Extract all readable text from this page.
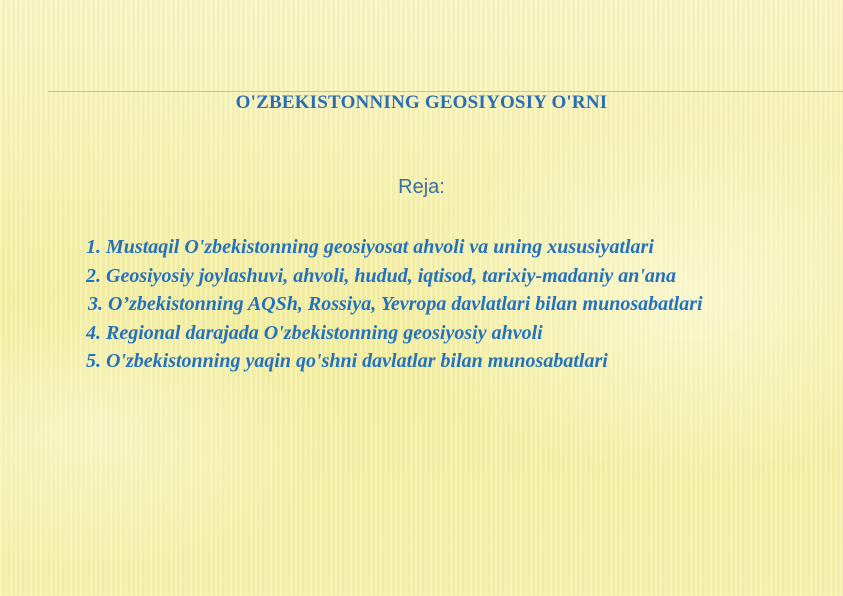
O'ZBEKISTONNING GEOSIYOSIY O'RNI

Reja:

1. Mustaqil O'zbekistonning geosiyosat ahvoli va uning xususiyatlari
2. Geosiyosiy joylashuvi, ahvoli, hudud, iqtisod, tarixiy-madaniy an'ana
3. O’zbekistonning AQSh, Rossiya, Yevropa davlatlari bilan munosabatlari
4. Regional darajada O'zbekistonning geosiyosiy ahvoli
5. O'zbekistonning yaqin qo'shni davlatlar bilan munosabatlari
